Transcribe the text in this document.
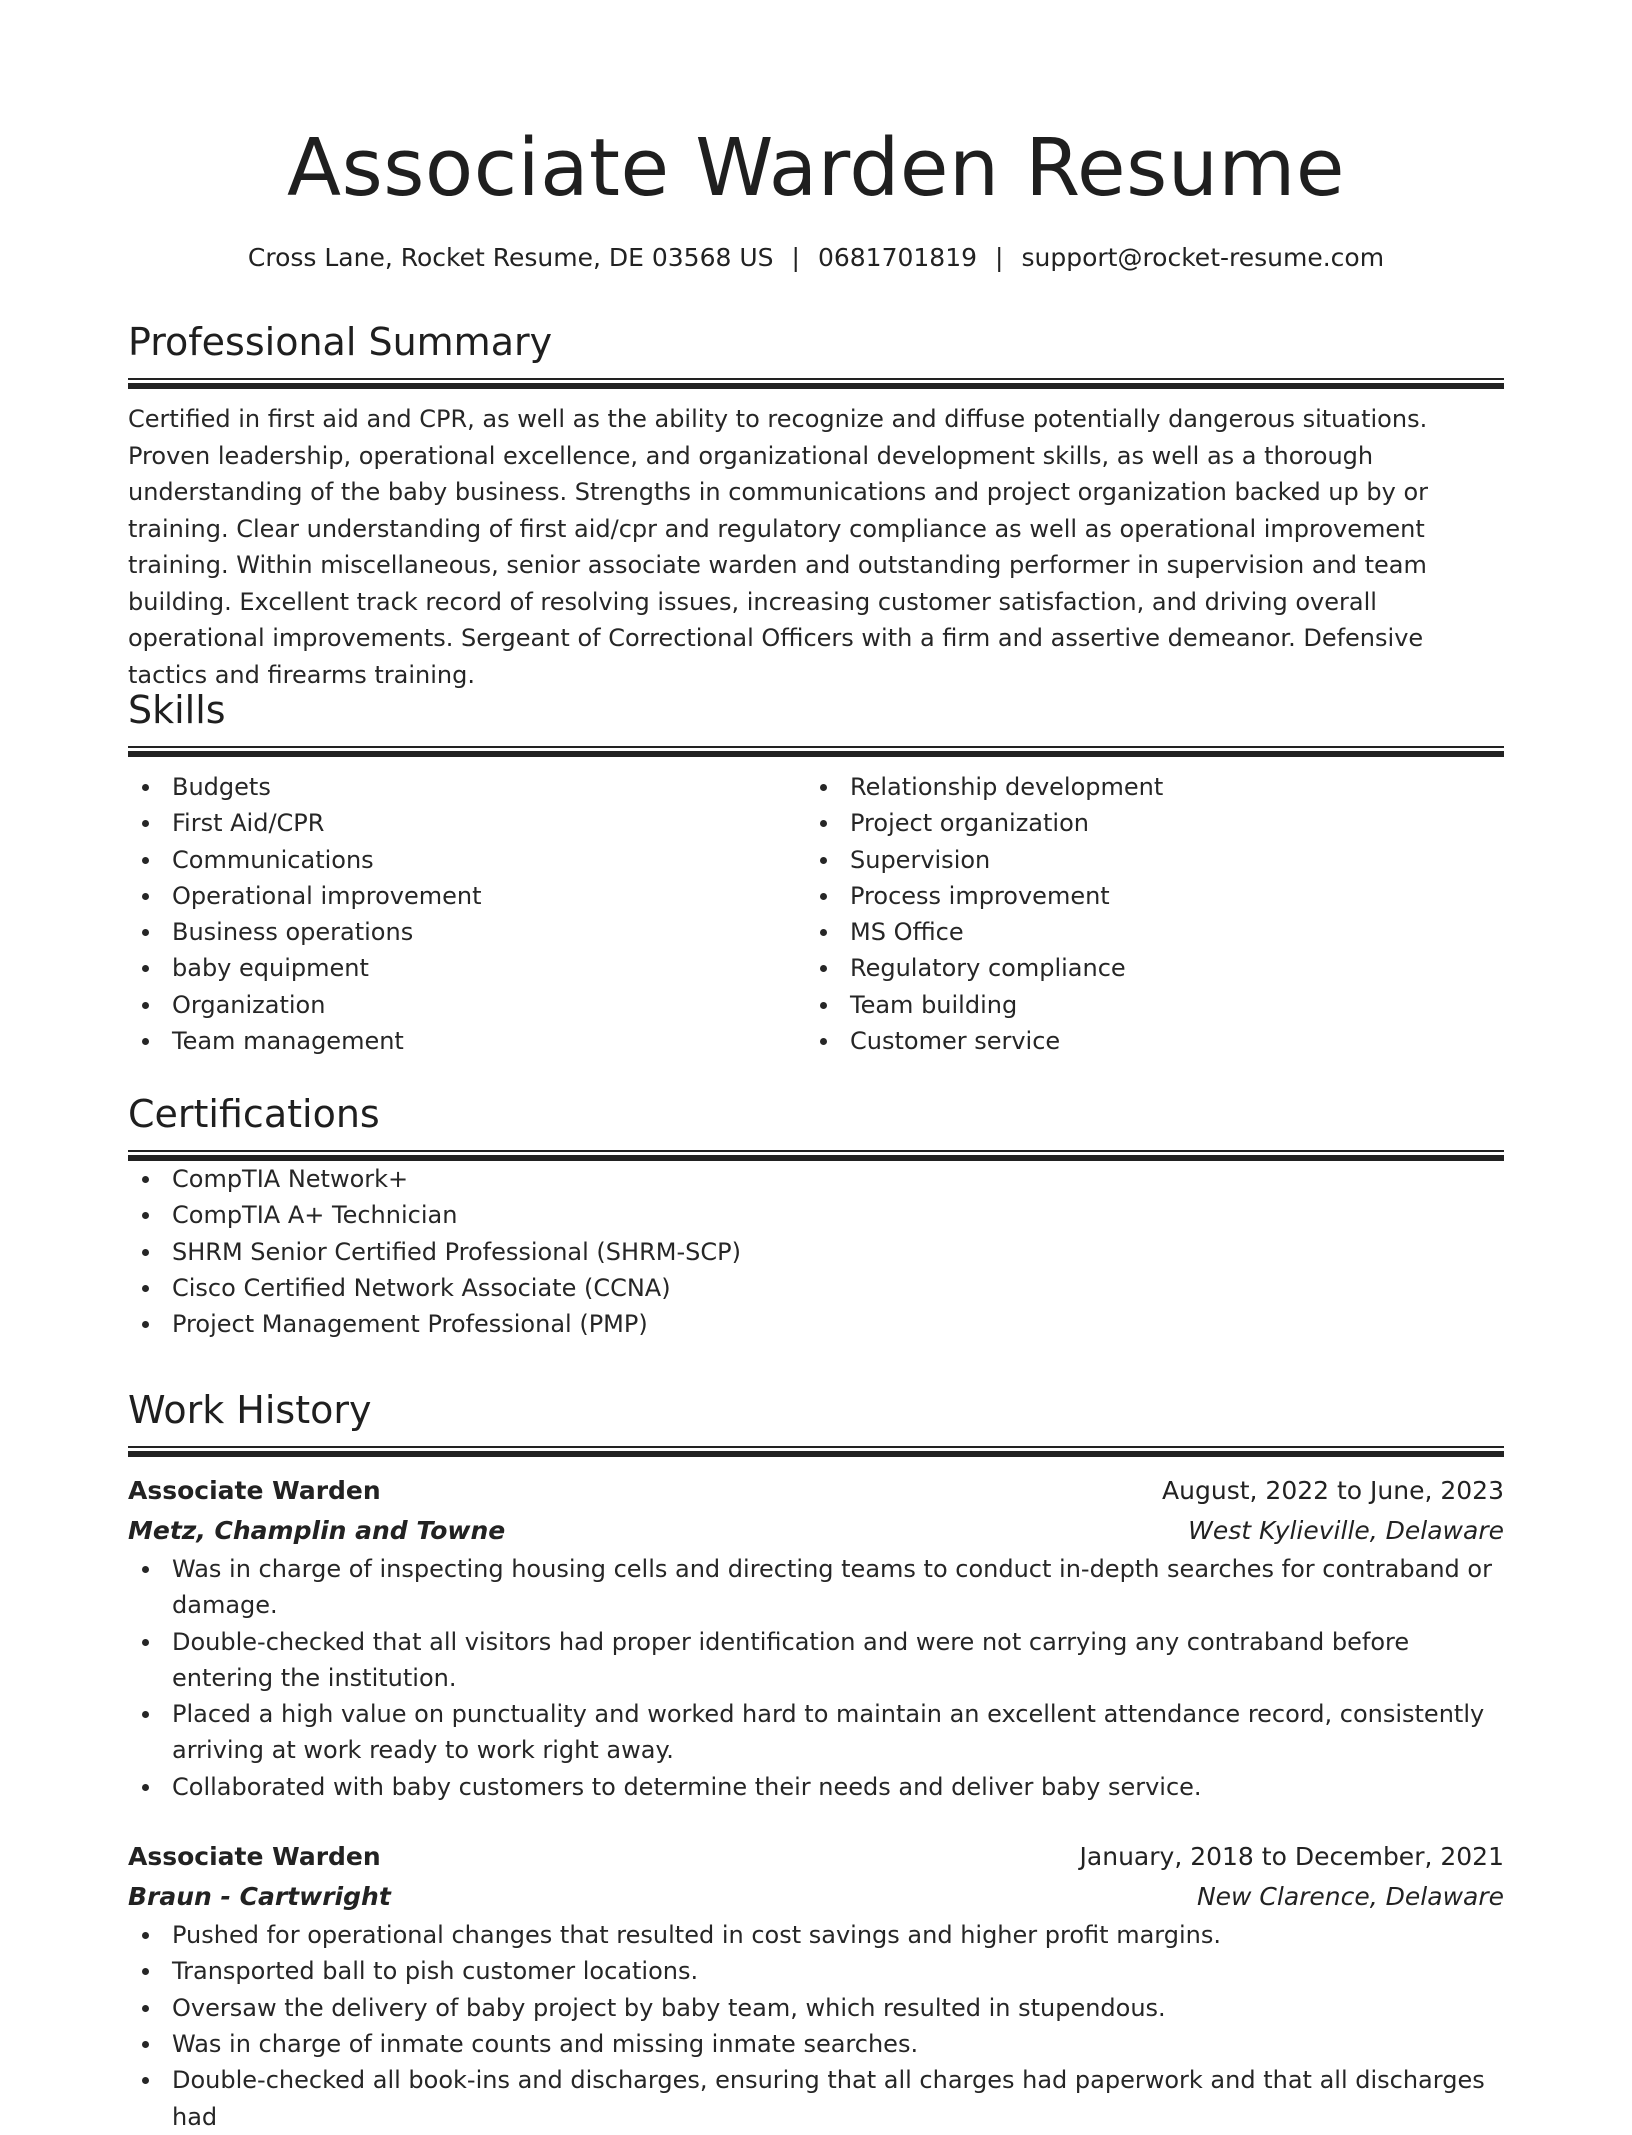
Associate Warden Resume
Cross Lane, Rocket Resume, DE 03568 US | 0681701819 | support@rocket-resume.com
Professional Summary
Certified in first aid and CPR, as well as the ability to recognize and diffuse potentially dangerous situations. Proven leadership, operational excellence, and organizational development skills, as well as a thorough understanding of the baby business. Strengths in communications and project organization backed up by or training. Clear understanding of first aid/cpr and regulatory compliance as well as operational improvement training. Within miscellaneous, senior associate warden and outstanding performer in supervision and team building. Excellent track record of resolving issues, increasing customer satisfaction, and driving overall operational improvements. Sergeant of Correctional Officers with a firm and assertive demeanor. Defensive tactics and firearms training.
Skills
Budgets
First Aid/CPR
Communications
Operational improvement
Business operations
baby equipment
Organization
Team management
Relationship development
Project organization
Supervision
Process improvement
MS Office
Regulatory compliance
Team building
Customer service
Certifications
CompTIA Network+
CompTIA A+ Technician
SHRM Senior Certified Professional (SHRM-SCP)
Cisco Certified Network Associate (CCNA)
Project Management Professional (PMP)
Work History
Associate Warden	August, 2022 to June, 2023
Metz, Champlin and Towne	West Kylieville, Delaware
Was in charge of inspecting housing cells and directing teams to conduct in-depth searches for contraband or damage.
Double-checked that all visitors had proper identification and were not carrying any contraband before entering the institution.
Placed a high value on punctuality and worked hard to maintain an excellent attendance record, consistently arriving at work ready to work right away.
Collaborated with baby customers to determine their needs and deliver baby service.
Associate Warden	January, 2018 to December, 2021
Braun - Cartwright	New Clarence, Delaware
Pushed for operational changes that resulted in cost savings and higher profit margins.
Transported ball to pish customer locations.
Oversaw the delivery of baby project by baby team, which resulted in stupendous.
Was in charge of inmate counts and missing inmate searches.
Double-checked all book-ins and discharges, ensuring that all charges had paperwork and that all discharges had
